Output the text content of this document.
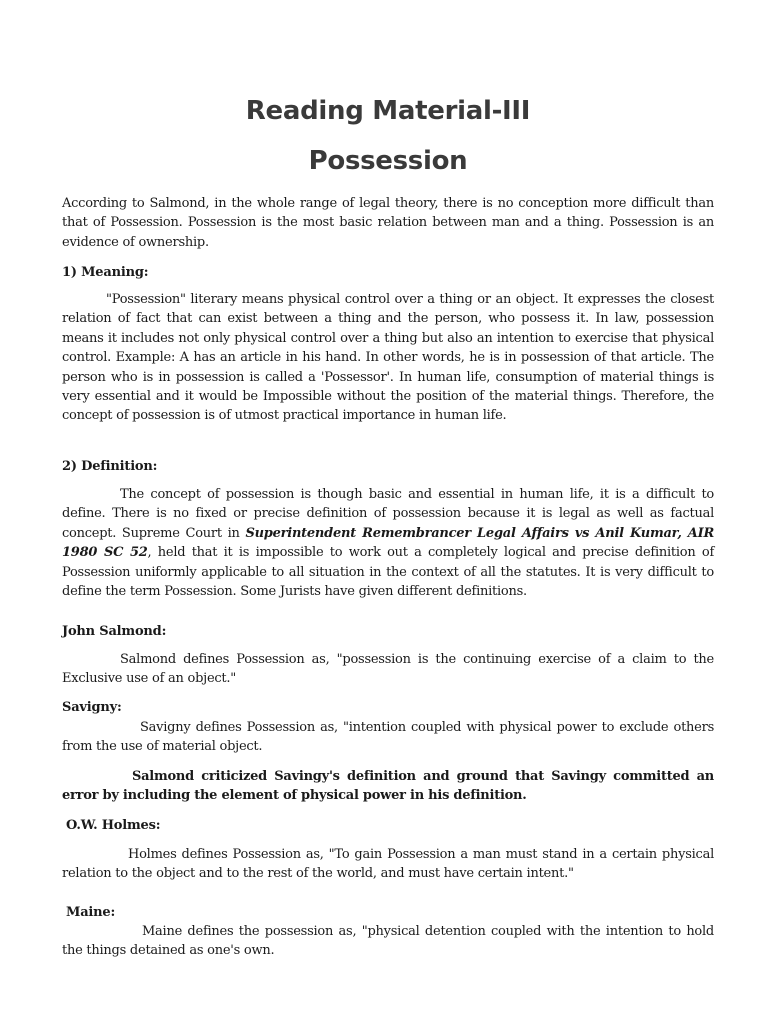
Reading Material-III
Possession

According to Salmond, in the whole range of legal theory, there is no conception more difficult than that of Possession. Possession is the most basic relation between man and a thing. Possession is an evidence of ownership.

1) Meaning:

"Possession" literary means physical control over a thing or an object. It expresses the closest relation of fact that can exist between a thing and the person, who possess it. In law, possession means it includes not only physical control over a thing but also an intention to exercise that physical control. Example: A has an article in his hand. In other words, he is in possession of that article. The person who is in possession is called a 'Possessor'. In human life, consumption of material things is very essential and it would be Impossible without the position of the material things. Therefore, the concept of possession is of utmost practical importance in human life.

2) Definition:

The concept of possession is though basic and essential in human life, it is a difficult to define. There is no fixed or precise definition of possession because it is legal as well as factual concept. Supreme Court in Superintendent Remembrancer Legal Affairs vs Anil Kumar, AIR 1980 SC 52, held that it is impossible to work out a completely logical and precise definition of Possession uniformly applicable to all situation in the context of all the statutes. It is very difficult to define the term Possession. Some Jurists have given different definitions.

John Salmond:

Salmond defines Possession as, "possession is the continuing exercise of a claim to the Exclusive use of an object."

Savigny:

Savigny defines Possession as, "intention coupled with physical power to exclude others from the use of material object.

Salmond criticized Savingy's definition and ground that Savingy committed an error by including the element of physical power in his definition.

O.W. Holmes:

Holmes defines Possession as, "To gain Possession a man must stand in a certain physical relation to the object and to the rest of the world, and must have certain intent."

Maine:

Maine defines the possession as, "physical detention coupled with the intention to hold the things detained as one's own.
